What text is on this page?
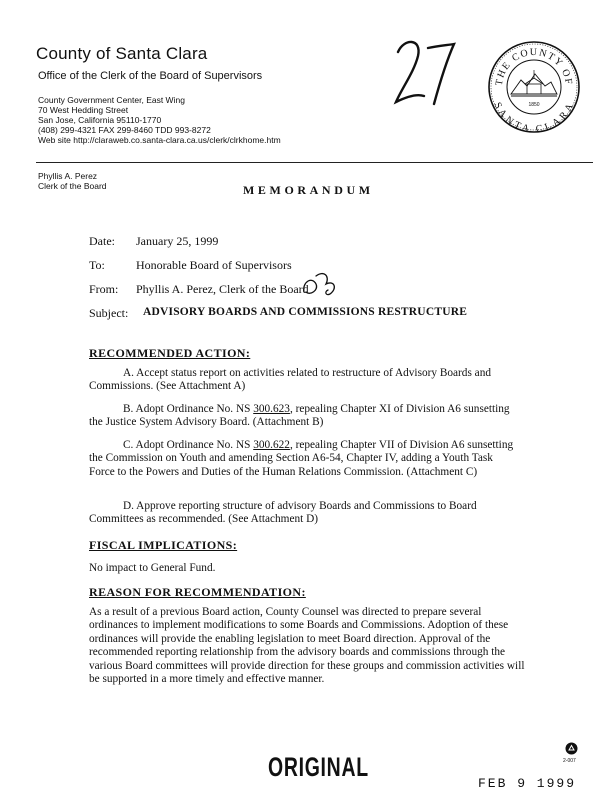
County of Santa Clara
Office of the Clerk of the Board of Supervisors
County Government Center, East Wing
70 West Hedding Street
San Jose, California 95110-1770
(408) 299-4321 FAX 299-8460 TDD 993-8272
Web site http://claraweb.co.santa-clara.ca.us/clerk/clrkhome.htm
THE COUNTY OF
SANTA CLARA
1850
Phyllis A. Perez
Clerk of the Board	MEMORANDUM
Date: January 25, 1999
To:	Honorable Board of Supervisors
From: Phyllis A. Perez, Clerk of the Board
Subject: ADVISORY BOARDS AND COMMISSIONS RESTRUCTURE
RECOMMENDED ACTION:
A. Accept status report on activities related to restructure of Advisory Boards and Commissions. (See Attachment A)
B. Adopt Ordinance No. NS 300.623, repealing Chapter XI of Division A6 sunsetting the Justice System Advisory Board. (Attachment B)
C. Adopt Ordinance No. NS 300.622, repealing Chapter VII of Division A6 sunsetting the Commission on Youth and amending Section A6-54, Chapter IV, adding a Youth Task Force to the Powers and Duties of the Human Relations Commission. (Attachment C)
D. Approve reporting structure of advisory Boards and Commissions to Board Committees as recommended. (See Attachment D)
FISCAL IMPLICATIONS:
No impact to General Fund.
REASON FOR RECOMMENDATION:
As a result of a previous Board action, County Counsel was directed to prepare several ordinances to implement modifications to some Boards and Commissions. Adoption of these ordinances will provide the enabling legislation to meet Board direction. Approval of the recommended reporting relationship from the advisory boards and commissions through the various Board committees will provide direction for these groups and commission activities will be supported in a more timely and effective manner.
ORIGINAL
FEB 9 1999
2-007
